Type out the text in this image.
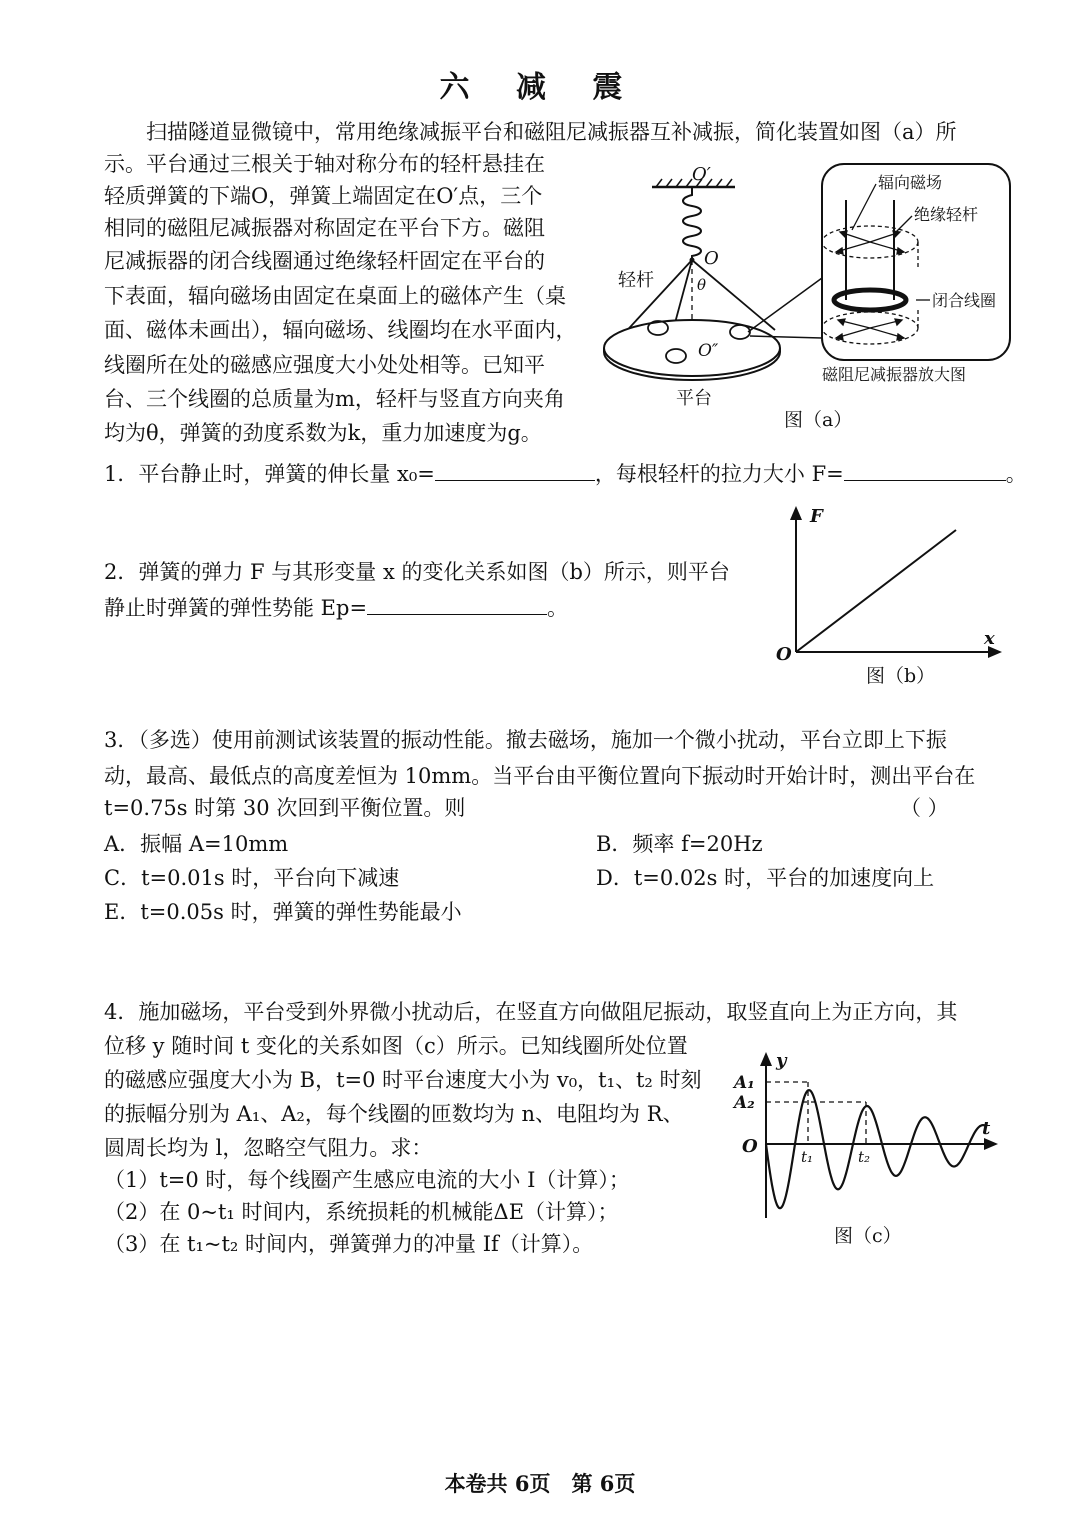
六 减 震
扫描隧道显微镜中，常用绝缘减振平台和磁阻尼减振器互补减振，简化装置如图（a）所
示。平台通过三根关于轴对称分布的轻杆悬挂在
轻质弹簧的下端O，弹簧上端固定在O′点，三个
相同的磁阻尼减振器对称固定在平台下方。磁阻
尼减振器的闭合线圈通过绝缘轻杆固定在平台的
下表面，辐向磁场由固定在桌面上的磁体产生（桌
面、磁体未画出），辐向磁场、线圈均在水平面内，
线圈所在处的磁感应强度大小处处相等。已知平
台、三个线圈的总质量为m，轻杆与竖直方向夹角
均为θ，弹簧的劲度系数为k，重力加速度为g。
O′
O
θ
轻杆
O″
平台
辐向磁场
绝缘轻杆
闭合线圈
磁阻尼减振器放大图
图（a）
1．平台静止时，弹簧的伸长量 x₀=	，每根轻杆的拉力大小 F=	。
2．弹簧的弹力 F 与其形变量 x 的变化关系如图（b）所示，则平台
静止时弹簧的弹性势能 Ep=	。
F
x
O
图（b）
3．（多选）使用前测试该装置的振动性能。撤去磁场，施加一个微小扰动，平台立即上下振
动，最高、最低点的高度差恒为 10mm。当平台由平衡位置向下振动时开始计时，测出平台在
t=0.75s 时第 30 次回到平衡位置。则	（ ）
A．振幅 A=10mm	B．频率 f=20Hz
C．t=0.01s 时，平台向下减速	D．t=0.02s 时，平台的加速度向上
E．t=0.05s 时，弹簧的弹性势能最小
4．施加磁场，平台受到外界微小扰动后，在竖直方向做阻尼振动，取竖直向上为正方向，其
位移 y 随时间 t 变化的关系如图（c）所示。已知线圈所处位置
的磁感应强度大小为 B，t=0 时平台速度大小为 v₀，t₁、t₂ 时刻
的振幅分别为 A₁、A₂，每个线圈的匝数均为 n、电阻均为 R、
圆周长均为 l，忽略空气阻力。求：
（1）t=0 时，每个线圈产生感应电流的大小 I（计算）；
（2）在 0~t₁ 时间内，系统损耗的机械能ΔE（计算）；
（3）在 t₁~t₂ 时间内，弹簧弹力的冲量 If（计算）。
y
t
O
A₁
A₂
t₁	t₂
图（c）
本卷共 6页　第 6页
